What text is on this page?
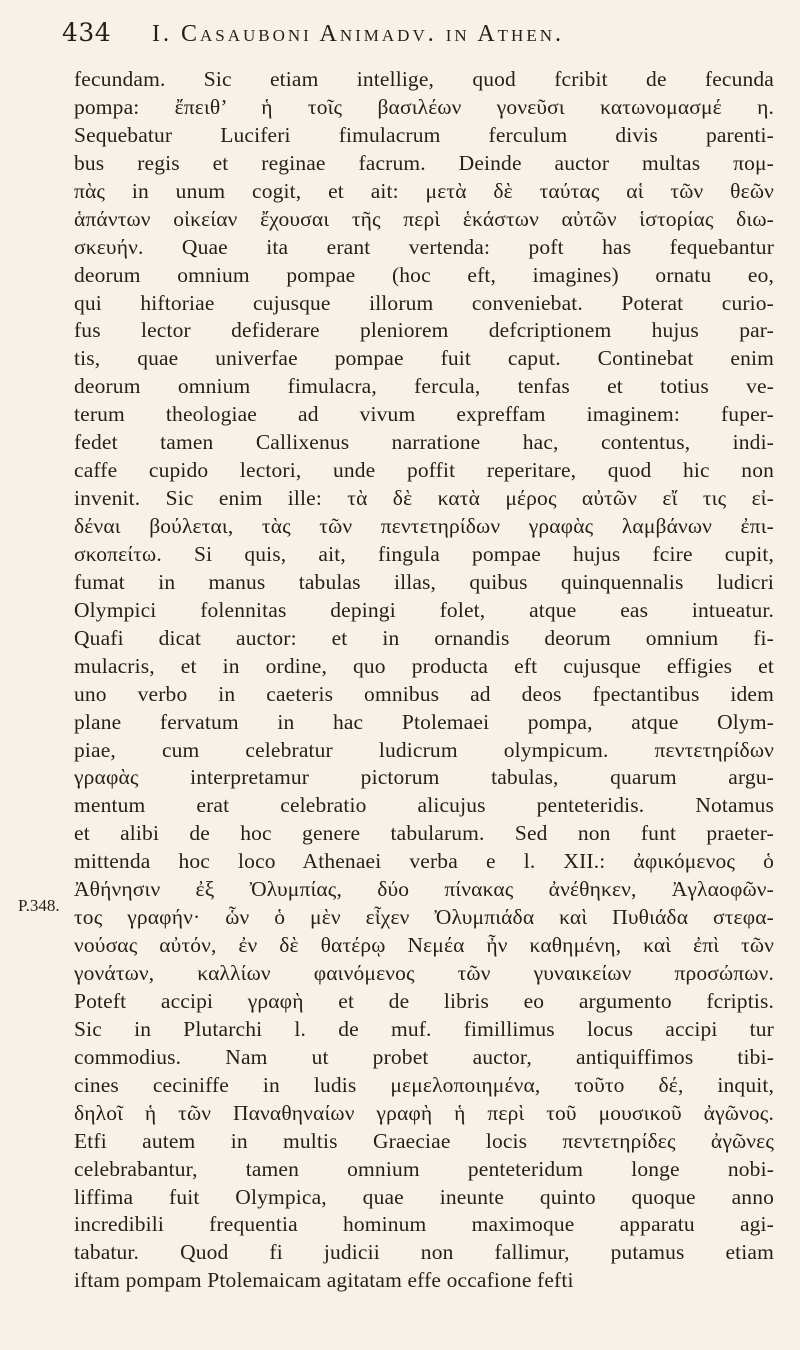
434	I. Casauboni Animadv. in Athen.
P.348.
fecundam. Sic etiam intellige, quod fcribit de fecunda
pompa: ἔπειθ’ ἡ τοῖς βασιλέων γονεῦσι κατωνομασμέ η.
Sequebatur Luciferi fimulacrum ferculum divis parenti-
bus regis et reginae facrum. Deinde auctor multas πομ-
πὰς in unum cogit, et ait: μετὰ δὲ ταύτας αἱ τῶν θεῶν
ἁπάντων οἰκείαν ἔχουσαι τῆς περὶ ἑκάστων αὐτῶν ἱστορίας διω-
σκευήν. Quae ita erant vertenda: poft has fequebantur
deorum omnium pompae (hoc eft, imagines) ornatu eo,
qui hiftoriae cujusque illorum conveniebat. Poterat curio-
fus lector defiderare pleniorem defcriptionem hujus par-
tis, quae univerfae pompae fuit caput. Continebat enim
deorum omnium fimulacra, fercula, tenfas et totius ve-
terum theologiae ad vivum expreffam imaginem: fuper-
fedet tamen Callixenus narratione hac, contentus, indi-
caffe cupido lectori, unde poffit reperitare, quod hic non
invenit. Sic enim ille: τὰ δὲ κατὰ μέρος αὐτῶν εἴ τις εἰ-
δέναι βούλεται, τὰς τῶν πεντετηρίδων γραφὰς λαμβάνων ἐπι-
σκοπείτω. Si quis, ait, fingula pompae hujus fcire cupit,
fumat in manus tabulas illas, quibus quinquennalis ludicri
Olympici folennitas depingi folet, atque eas intueatur.
Quafi dicat auctor: et in ornandis deorum omnium fi-
mulacris, et in ordine, quo producta eft cujusque effigies et
uno verbo in caeteris omnibus ad deos fpectantibus idem
plane fervatum in hac Ptolemaei pompa, atque Olym-
piae, cum celebratur ludicrum olympicum. πεντετηρίδων
γραφὰς interpretamur pictorum tabulas, quarum argu-
mentum erat celebratio alicujus penteteridis. Notamus
et alibi de hoc genere tabularum. Sed non funt praeter-
mittenda hoc loco Athenaei verba e l. XII.: ἀφικόμενος ὁ
Ἀθήνησιν ἐξ Ὀλυμπίας, δύο πίνακας ἀνέθηκεν, Ἀγλαοφῶν-
τος γραφήν· ὧν ὁ μὲν εἶχεν Ὀλυμπιάδα καὶ Πυθιάδα στεφα-
νούσας αὐτόν, ἐν δὲ θατέρῳ Νεμέα ἦν καθημένη, καὶ ἐπὶ τῶν
γονάτων, καλλίων φαινόμενος τῶν γυναικείων προσώπων.
Poteft accipi γραφὴ et de libris eo argumento fcriptis.
Sic in Plutarchi l. de muf. fimillimus locus accipi tur
commodius. Nam ut probet auctor, antiquiffimos tibi-
cines ceciniffe in ludis μεμελοποιημένα, τοῦτο δέ, inquit,
δηλοῖ ἡ τῶν Παναθηναίων γραφὴ ἡ περὶ τοῦ μουσικοῦ ἀγῶνος.
Etfi autem in multis Graeciae locis πεντετηρίδες ἀγῶνες
celebrabantur, tamen omnium penteteridum longe nobi-
liffima fuit Olympica, quae ineunte quinto quoque anno
incredibili frequentia hominum maximoque apparatu agi-
tabatur. Quod fi judicii non fallimur, putamus etiam
iftam pompam Ptolemaicam agitatam effe occafione fefti
